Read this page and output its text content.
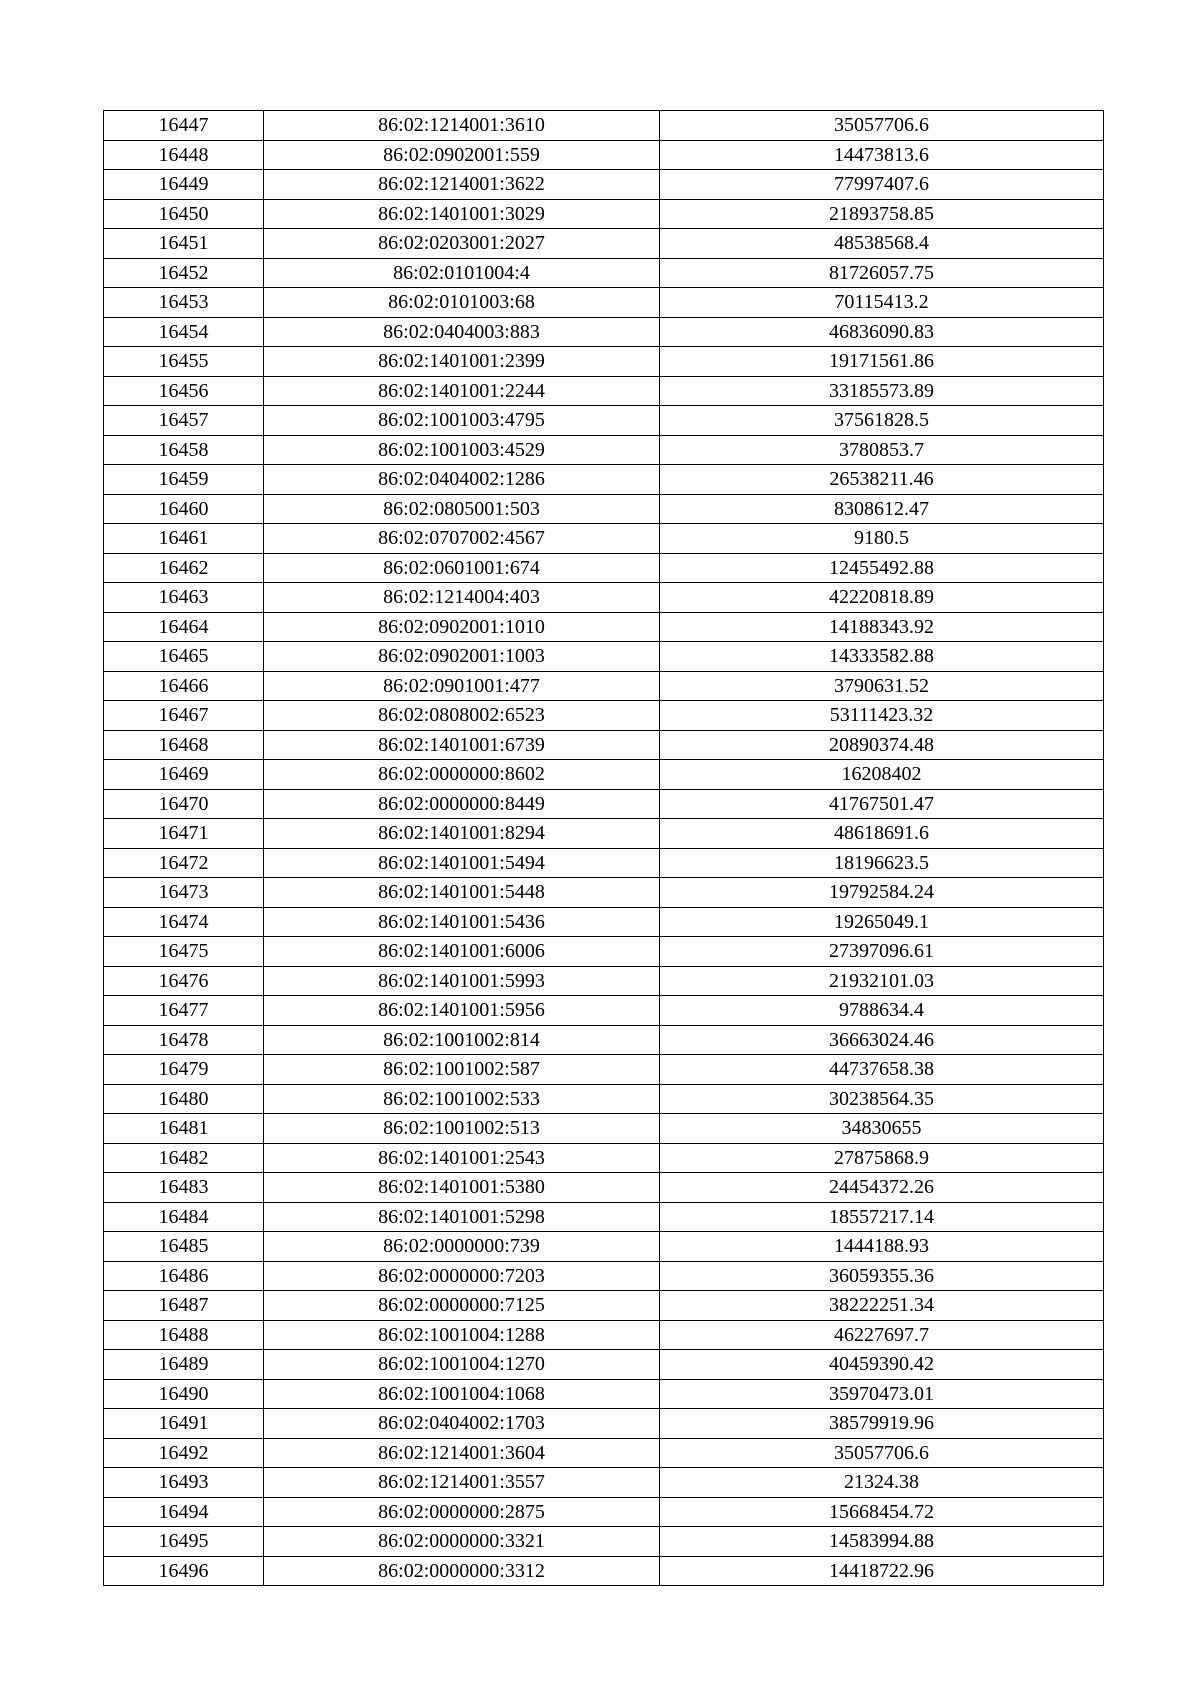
16447	86:02:1214001:3610	35057706.6
16448	86:02:0902001:559	14473813.6
16449	86:02:1214001:3622	77997407.6
16450	86:02:1401001:3029	21893758.85
16451	86:02:0203001:2027	48538568.4
16452	86:02:0101004:4	81726057.75
16453	86:02:0101003:68	70115413.2
16454	86:02:0404003:883	46836090.83
16455	86:02:1401001:2399	19171561.86
16456	86:02:1401001:2244	33185573.89
16457	86:02:1001003:4795	37561828.5
16458	86:02:1001003:4529	3780853.7
16459	86:02:0404002:1286	26538211.46
16460	86:02:0805001:503	8308612.47
16461	86:02:0707002:4567	9180.5
16462	86:02:0601001:674	12455492.88
16463	86:02:1214004:403	42220818.89
16464	86:02:0902001:1010	14188343.92
16465	86:02:0902001:1003	14333582.88
16466	86:02:0901001:477	3790631.52
16467	86:02:0808002:6523	53111423.32
16468	86:02:1401001:6739	20890374.48
16469	86:02:0000000:8602	16208402
16470	86:02:0000000:8449	41767501.47
16471	86:02:1401001:8294	48618691.6
16472	86:02:1401001:5494	18196623.5
16473	86:02:1401001:5448	19792584.24
16474	86:02:1401001:5436	19265049.1
16475	86:02:1401001:6006	27397096.61
16476	86:02:1401001:5993	21932101.03
16477	86:02:1401001:5956	9788634.4
16478	86:02:1001002:814	36663024.46
16479	86:02:1001002:587	44737658.38
16480	86:02:1001002:533	30238564.35
16481	86:02:1001002:513	34830655
16482	86:02:1401001:2543	27875868.9
16483	86:02:1401001:5380	24454372.26
16484	86:02:1401001:5298	18557217.14
16485	86:02:0000000:739	1444188.93
16486	86:02:0000000:7203	36059355.36
16487	86:02:0000000:7125	38222251.34
16488	86:02:1001004:1288	46227697.7
16489	86:02:1001004:1270	40459390.42
16490	86:02:1001004:1068	35970473.01
16491	86:02:0404002:1703	38579919.96
16492	86:02:1214001:3604	35057706.6
16493	86:02:1214001:3557	21324.38
16494	86:02:0000000:2875	15668454.72
16495	86:02:0000000:3321	14583994.88
16496	86:02:0000000:3312	14418722.96
